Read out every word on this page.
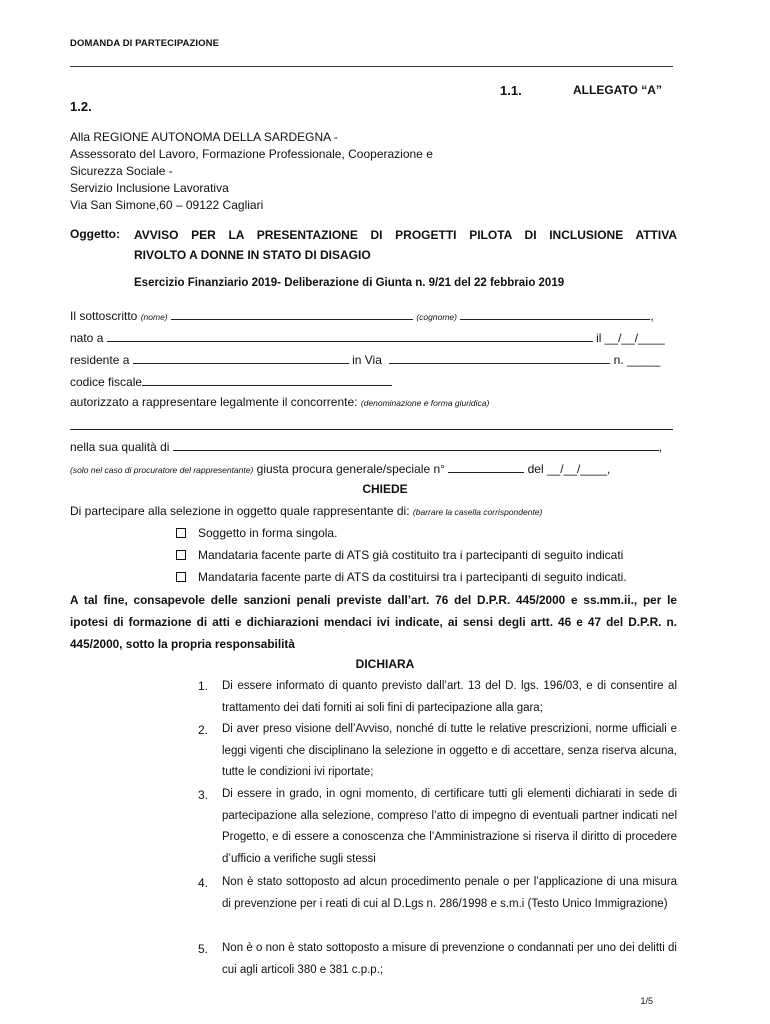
DOMANDA DI PARTECIPAZIONE
1.1.	ALLEGATO “A”
1.2.
Alla REGIONE AUTONOMA DELLA SARDEGNA -
Assessorato del Lavoro, Formazione Professionale, Cooperazione e
Sicurezza Sociale -
Servizio Inclusione Lavorativa
Via San Simone,60 – 09122 Cagliari
Oggetto: AVVISO PER LA PRESENTAZIONE DI PROGETTI PILOTA DI INCLUSIONE ATTIVA
RIVOLTO A DONNE IN STATO DI DISAGIO
Esercizio Finanziario 2019- Deliberazione di Giunta n. 9/21 del 22 febbraio 2019
Il sottoscritto (nome)	(cognome)	,
nato a	il __/__/____
residente a	in Via	n. _____
codice fiscale
autorizzato a rappresentare legalmente il concorrente: (denominazione e forma giuridica)
nella sua qualità di	,
(solo nel caso di procuratore del rappresentante) giusta procura generale/speciale n°	del __/__/____,
CHIEDE
Di partecipare alla selezione in oggetto quale rappresentante di: (barrare la casella corrispondente)
Soggetto in forma singola.
Mandataria facente parte di ATS già costituito tra i partecipanti di seguito indicati
Mandataria facente parte di ATS da costituirsi tra i partecipanti di seguito indicati.
A tal fine, consapevole delle sanzioni penali previste dall’art. 76 del D.P.R. 445/2000 e ss.mm.ii., per le ipotesi di formazione di atti e dichiarazioni mendaci ivi indicate, ai sensi degli artt. 46 e 47 del D.P.R. n. 445/2000, sotto la propria responsabilità
DICHIARA
1. Di essere informato di quanto previsto dall’art. 13 del D. lgs. 196/03, e di consentire al trattamento dei dati forniti ai soli fini di partecipazione alla gara;
2. Di aver preso visione dell’Avviso, nonché di tutte le relative prescrizioni, norme ufficiali e leggi vigenti che disciplinano la selezione in oggetto e di accettare, senza riserva alcuna, tutte le condizioni ivi riportate;
3. Di essere in grado, in ogni momento, di certificare tutti gli elementi dichiarati in sede di partecipazione alla selezione, compreso l’atto di impegno di eventuali partner indicati nel Progetto, e di essere a conoscenza che l’Amministrazione si riserva il diritto di procedere d’ufficio a verifiche sugli stessi
4. Non è stato sottoposto ad alcun procedimento penale o per l’applicazione di una misura di prevenzione per i reati di cui al D.Lgs n. 286/1998 e s.m.i (Testo Unico Immigrazione)
5. Non è o non è stato sottoposto a misure di prevenzione o condannati per uno dei delitti di cui agli articoli 380 e 381 c.p.p.;
1/5
